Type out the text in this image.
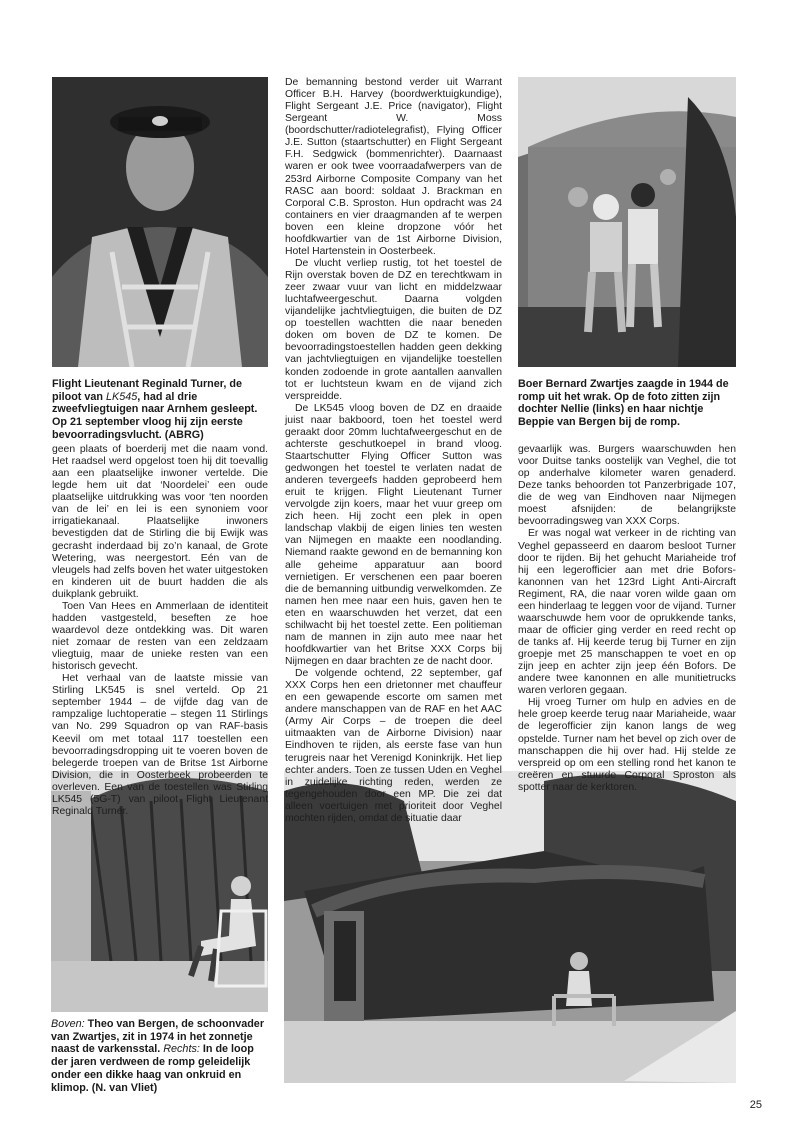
Flight Lieutenant Reginald Turner, de piloot van LK545, had al drie zweefvliegtuigen naar Arnhem gesleept. Op 21 september vloog hij zijn eerste bevoorradingsvlucht. (ABRG)
Boer Bernard Zwartjes zaagde in 1944 de romp uit het wrak. Op de foto zitten zijn dochter Nellie (links) en haar nichtje Beppie van Bergen bij de romp.
Boven: Theo van Bergen, de schoonvader van Zwartjes, zit in 1974 in het zonnetje naast de varkensstal. Rechts: In de loop der jaren verdween de romp geleidelijk onder een dikke haag van onkruid en klimop. (N. van Vliet)

geen plaats of boerderij met die naam vond. Het raadsel werd opgelost toen hij dit toevallig aan een plaatselijke inwoner vertelde. Die legde hem uit dat ‘Noordelei’ een oude plaatselijke uitdrukking was voor ‘ten noorden van de lei’ en lei is een synoniem voor irrigatiekanaal. Plaatselijke inwoners bevestigden dat de Stirling die bij Ewijk was gecrasht inderdaad bij zo’n kanaal, de Grote Wetering, was neergestort. Eén van de vleugels had zelfs boven het water uitgestoken en kinderen uit de buurt hadden die als duikplank gebruikt.

Toen Van Hees en Ammerlaan de identiteit hadden vastgesteld, beseften ze hoe waardevol deze ontdekking was. Dit waren niet zomaar de resten van een zeldzaam vliegtuig, maar de unieke resten van een historisch gevecht.

Het verhaal van de laatste missie van Stirling LK545 is snel verteld. Op 21 september 1944 – de vijfde dag van de rampzalige luchtoperatie – stegen 11 Stirlings van No. 299 Squadron op van RAF-basis Keevil om met totaal 117 toestellen een bevoorradingsdropping uit te voeren boven de belegerde troepen van de Britse 1st Airborne Division, die in Oosterbeek probeerden te overleven. Een van de toestellen was Stirling LK545 (5G-T) van piloot Flight Lieutenant Reginald Turner.

De bemanning bestond verder uit Warrant Officer B.H. Harvey (boordwerktuigkundige), Flight Sergeant J.E. Price (navigator), Flight Sergeant W. Moss (boordschutter/radiotelegrafist), Flying Officer J.E. Sutton (staartschutter) en Flight Sergeant F.H. Sedgwick (bommenrichter). Daarnaast waren er ook twee voorraadafwerpers van de 253rd Airborne Composite Company van het RASC aan boord: soldaat J. Brackman en Corporal C.B. Sproston. Hun opdracht was 24 containers en vier draagmanden af te werpen boven een kleine dropzone vóór het hoofdkwartier van de 1st Airborne Division, Hotel Hartenstein in Oosterbeek.

De vlucht verliep rustig, tot het toestel de Rijn overstak boven de DZ en terechtkwam in zeer zwaar vuur van licht en middelzwaar luchtafweergeschut. Daarna volgden vijandelijke jachtvliegtuigen, die buiten de DZ op toestellen wachtten die naar beneden doken om boven de DZ te komen. De bevoorradingstoestellen hadden geen dekking van jachtvliegtuigen en vijandelijke toestellen konden zodoende in grote aantallen aanvallen tot er luchtsteun kwam en de vijand zich verspreidde.

De LK545 vloog boven de DZ en draaide juist naar bakboord, toen het toestel werd geraakt door 20mm luchtafweergeschut en de achterste geschutkoepel in brand vloog. Staartschutter Flying Officer Sutton was gedwongen het toestel te verlaten nadat de anderen tevergeefs hadden geprobeerd hem eruit te krijgen. Flight Lieutenant Turner vervolgde zijn koers, maar het vuur greep om zich heen. Hij zocht een plek in open landschap vlakbij de eigen linies ten westen van Nijmegen en maakte een noodlanding. Niemand raakte gewond en de bemanning kon alle geheime apparatuur aan boord vernietigen. Er verschenen een paar boeren die de bemanning uitbundig verwelkomden. Ze namen hen mee naar een huis, gaven hen te eten en waarschuwden het verzet, dat een schilwacht bij het toestel zette. Een politieman nam de mannen in zijn auto mee naar het hoofdkwartier van het Britse XXX Corps bij Nijmegen en daar brachten ze de nacht door.

De volgende ochtend, 22 september, gaf XXX Corps hen een drietonner met chauffeur en een gewapende escorte om samen met andere manschappen van de RAF en het AAC (Army Air Corps – de troepen die deel uitmaakten van de Airborne Division) naar Eindhoven te rijden, als eerste fase van hun terugreis naar het Verenigd Koninkrijk. Het liep echter anders. Toen ze tussen Uden en Veghel in zuidelijke richting reden, werden ze tegengehouden door een MP. Die zei dat alleen voertuigen met prioriteit door Veghel mochten rijden, omdat de situatie daar

gevaarlijk was. Burgers waarschuwden hen voor Duitse tanks oostelijk van Veghel, die tot op anderhalve kilometer waren genaderd. Deze tanks behoorden tot Panzerbrigade 107, die de weg van Eindhoven naar Nijmegen moest afsnijden: de belangrijkste bevoorradingsweg van XXX Corps.

Er was nogal wat verkeer in de richting van Veghel gepasseerd en daarom besloot Turner door te rijden. Bij het gehucht Mariaheide trof hij een legerofficier aan met drie Bofors-kanonnen van het 123rd Light Anti-Aircraft Regiment, RA, die naar voren wilde gaan om een hinderlaag te leggen voor de vijand. Turner waarschuwde hem voor de oprukkende tanks, maar de officier ging verder en reed recht op de tanks af. Hij keerde terug bij Turner en zijn groepje met 25 manschappen te voet en op zijn jeep en achter zijn jeep één Bofors. De andere twee kanonnen en alle munitietrucks waren verloren gegaan.

Hij vroeg Turner om hulp en advies en de hele groep keerde terug naar Mariaheide, waar de legerofficier zijn kanon langs de weg opstelde. Turner nam het bevel op zich over de manschappen die hij over had. Hij stelde ze verspreid op om een stelling rond het kanon te creëren en stuurde Corporal Sproston als spotter naar de kerktoren.

25
